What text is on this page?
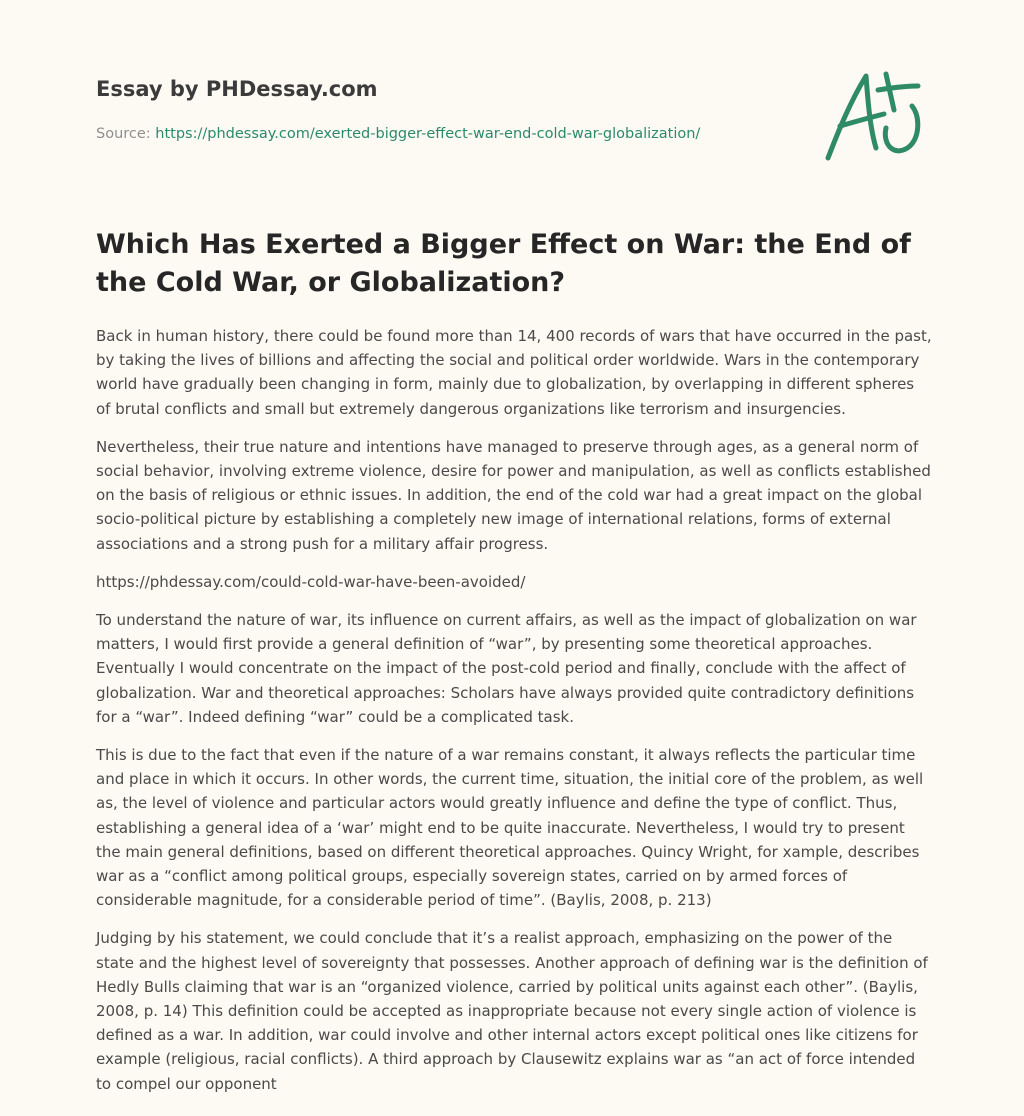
Essay by PHDessay.com
Source: https://phdessay.com/exerted-bigger-effect-war-end-cold-war-globalization/
Which Has Exerted a Bigger Effect on War: the End of the Cold War, or Globalization?

Back in human history, there could be found more than 14, 400 records of wars that have occurred in the past, by taking the lives of billions and affecting the social and political order worldwide. Wars in the contemporary world have gradually been changing in form, mainly due to globalization, by overlapping in different spheres of brutal conflicts and small but extremely dangerous organizations like terrorism and insurgencies.

Nevertheless, their true nature and intentions have managed to preserve through ages, as a general norm of social behavior, involving extreme violence, desire for power and manipulation, as well as conflicts established on the basis of religious or ethnic issues. In addition, the end of the cold war had a great impact on the global socio-political picture by establishing a completely new image of international relations, forms of external associations and a strong push for a military affair progress.

https://phdessay.com/could-cold-war-have-been-avoided/

To understand the nature of war, its influence on current affairs, as well as the impact of globalization on war matters, I would first provide a general definition of “war”, by presenting some theoretical approaches. Eventually I would concentrate on the impact of the post-cold period and finally, conclude with the affect of globalization. War and theoretical approaches: Scholars have always provided quite contradictory definitions for a “war”. Indeed defining “war” could be a complicated task.

This is due to the fact that even if the nature of a war remains constant, it always reflects the particular time and place in which it occurs. In other words, the current time, situation, the initial core of the problem, as well as, the level of violence and particular actors would greatly influence and define the type of conflict. Thus, establishing a general idea of a ‘war’ might end to be quite inaccurate. Nevertheless, I would try to present the main general definitions, based on different theoretical approaches. Quincy Wright, for xample, describes war as a “conflict among political groups, especially sovereign states, carried on by armed forces of considerable magnitude, for a considerable period of time”. (Baylis, 2008, p. 213)

Judging by his statement, we could conclude that it’s a realist approach, emphasizing on the power of the state and the highest level of sovereignty that possesses. Another approach of defining war is the definition of Hedly Bulls claiming that war is an “organized violence, carried by political units against each other”. (Baylis, 2008, p. 14) This definition could be accepted as inappropriate because not every single action of violence is defined as a war. In addition, war could involve and other internal actors except political ones like citizens for example (religious, racial conflicts). A third approach by Clausewitz explains war as “an act of force intended to compel our opponent
